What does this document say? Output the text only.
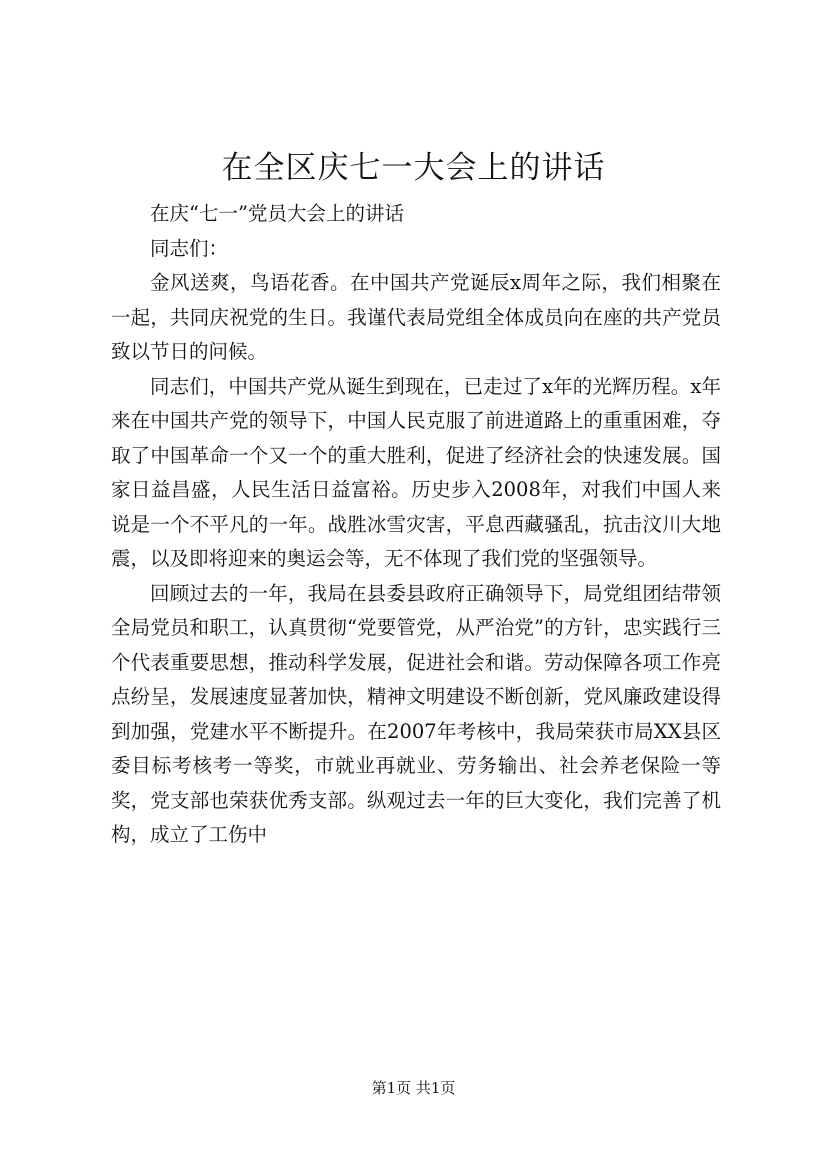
在全区庆七一大会上的讲话

在庆“七一”党员大会上的讲话

同志们：

金风送爽，鸟语花香。在中国共产党诞辰x周年之际，我们相聚在一起，共同庆祝党的生日。我谨代表局党组全体成员向在座的共产党员致以节日的问候。

同志们，中国共产党从诞生到现在，已走过了x年的光辉历程。x年来在中国共产党的领导下，中国人民克服了前进道路上的重重困难，夺取了中国革命一个又一个的重大胜利，促进了经济社会的快速发展。国家日益昌盛，人民生活日益富裕。历史步入2008年，对我们中国人来说是一个不平凡的一年。战胜冰雪灾害，平息西藏骚乱，抗击汶川大地震，以及即将迎来的奥运会等，无不体现了我们党的坚强领导。

回顾过去的一年，我局在县委县政府正确领导下，局党组团结带领全局党员和职工，认真贯彻“党要管党，从严治党”的方针，忠实践行三个代表重要思想，推动科学发展，促进社会和谐。劳动保障各项工作亮点纷呈，发展速度显著加快，精神文明建设不断创新，党风廉政建设得到加强，党建水平不断提升。在2007年考核中，我局荣获市局XX县区委目标考核考一等奖，市就业再就业、劳务输出、社会养老保险一等奖，党支部也荣获优秀支部。纵观过去一年的巨大变化，我们完善了机构，成立了工伤中

第1页 共1页
